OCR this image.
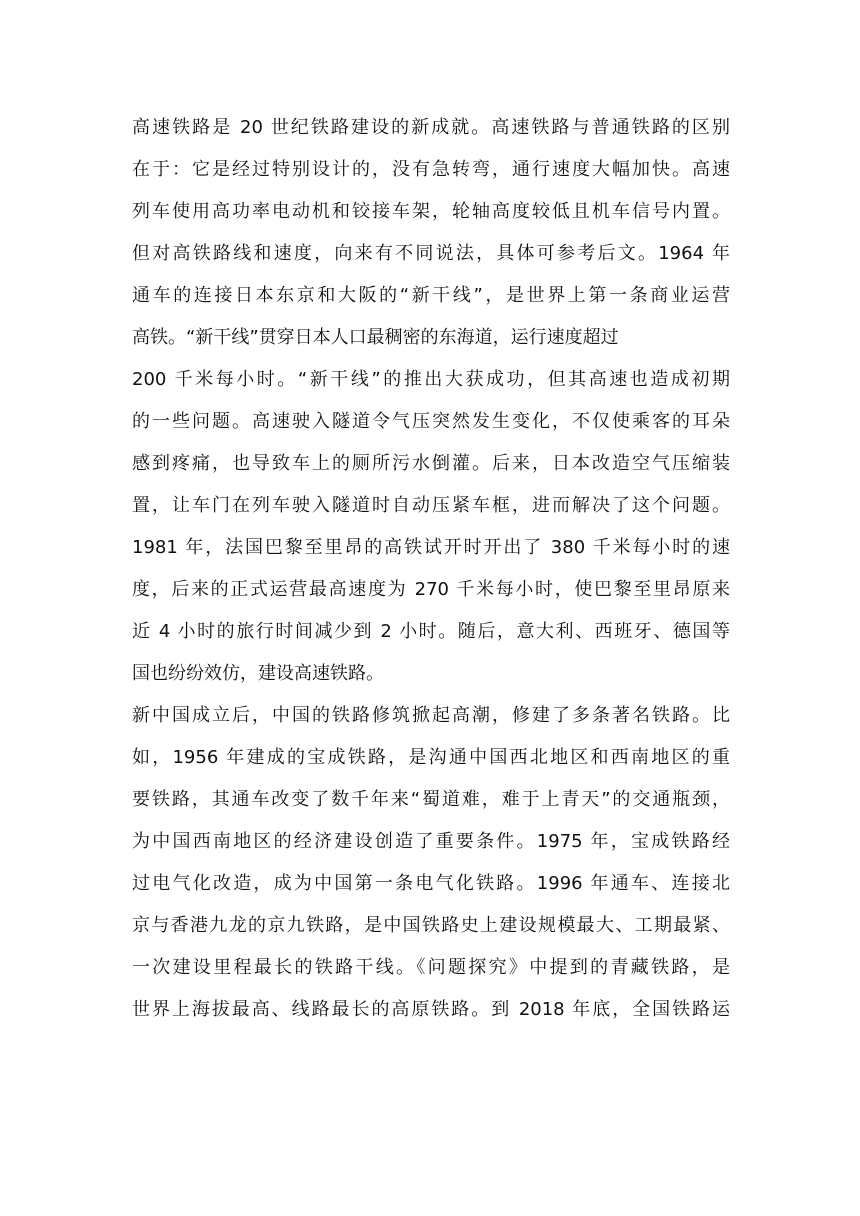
高速铁路是 20 世纪铁路建设的新成就。高速铁路与普通铁路的区别
在于：它是经过特别设计的，没有急转弯，通行速度大幅加快。高速
列车使用高功率电动机和铰接车架，轮轴高度较低且机车信号内置。
但对高铁路线和速度，向来有不同说法，具体可参考后文。1964 年
通车的连接日本东京和大阪的“新干线”，是世界上第一条商业运营
高铁。“新干线”贯穿日本人口最稠密的东海道，运行速度超过
200 千米每小时。“新干线”的推出大获成功，但其高速也造成初期
的一些问题。高速驶入隧道令气压突然发生变化，不仅使乘客的耳朵
感到疼痛，也导致车上的厕所污水倒灌。后来，日本改造空气压缩装
置，让车门在列车驶入隧道时自动压紧车框，进而解决了这个问题。
1981 年，法国巴黎至里昂的高铁试开时开出了 380 千米每小时的速
度，后来的正式运营最高速度为 270 千米每小时，使巴黎至里昂原来
近 4 小时的旅行时间减少到 2 小时。随后，意大利、西班牙、德国等
国也纷纷效仿，建设高速铁路。
新中国成立后，中国的铁路修筑掀起高潮，修建了多条著名铁路。比
如，1956 年建成的宝成铁路，是沟通中国西北地区和西南地区的重
要铁路，其通车改变了数千年来“蜀道难，难于上青天”的交通瓶颈，
为中国西南地区的经济建设创造了重要条件。1975 年，宝成铁路经
过电气化改造，成为中国第一条电气化铁路。1996 年通车、连接北
京与香港九龙的京九铁路，是中国铁路史上建设规模最大、工期最紧、
一次建设里程最长的铁路干线。《问题探究》中提到的青藏铁路，是
世界上海拔最高、线路最长的高原铁路。到 2018 年底，全国铁路运
